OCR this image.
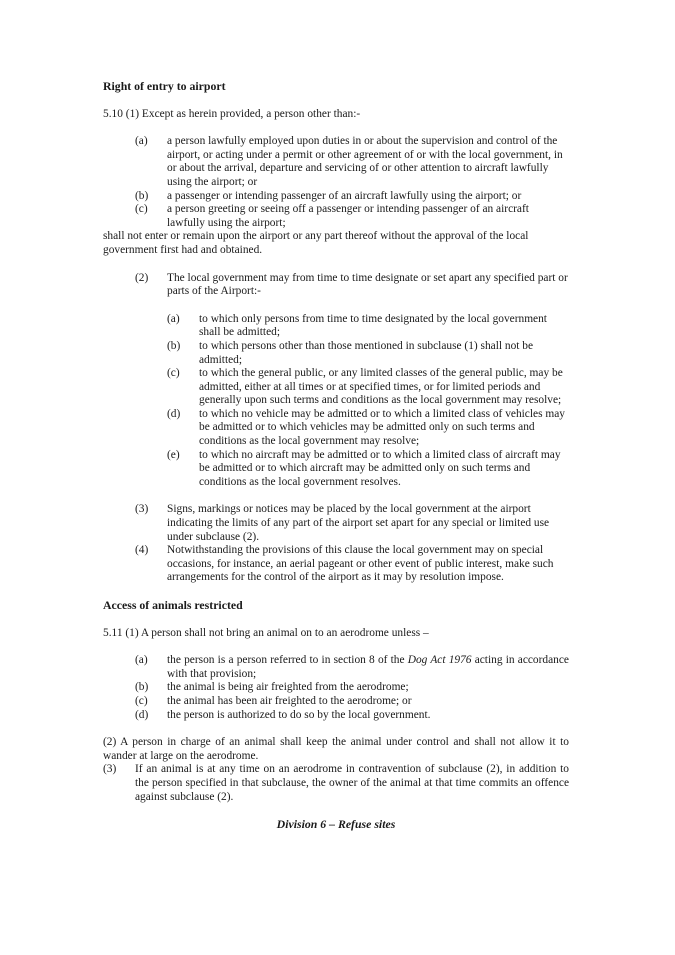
Right of entry to airport

5.10 (1) Except as herein provided, a person other than:-

(a)	a person lawfully employed upon duties in or about the supervision and control of the airport, or acting under a permit or other agreement of or with the local government, in or about the arrival, departure and servicing of or other attention to aircraft lawfully using the airport; or
(b)	a passenger or intending passenger of an aircraft lawfully using the airport; or
(c)	a person greeting or seeing off a passenger or intending passenger of an aircraft lawfully using the airport;

shall not enter or remain upon the airport or any part thereof without the approval of the local government first had and obtained.

(2)	The local government may from time to time designate or set apart any specified part or parts of the Airport:-
(a)	to which only persons from time to time designated by the local government shall be admitted;
(b)	to which persons other than those mentioned in subclause (1) shall not be admitted;
(c)	to which the general public, or any limited classes of the general public, may be admitted, either at all times or at specified times, or for limited periods and generally upon such terms and conditions as the local government may resolve;
(d)	to which no vehicle may be admitted or to which a limited class of vehicles may be admitted or to which vehicles may be admitted only on such terms and conditions as the local government may resolve;
(e)	to which no aircraft may be admitted or to which a limited class of aircraft may be admitted or to which aircraft may be admitted only on such terms and conditions as the local government resolves.
(3)	Signs, markings or notices may be placed by the local government at the airport indicating the limits of any part of the airport set apart for any special or limited use under subclause (2).
(4)	Notwithstanding the provisions of this clause the local government may on special occasions, for instance, an aerial pageant or other event of public interest, make such arrangements for the control of the airport as it may by resolution impose.

Access of animals restricted

5.11 (1) A person shall not bring an animal on to an aerodrome unless –

(a)	the person is a person referred to in section 8 of the Dog Act 1976 acting in accordance with that provision;
(b)	the animal is being air freighted from the aerodrome;
(c)	the animal has been air freighted to the aerodrome; or
(d)	the person is authorized to do so by the local government.

(2) A person in charge of an animal shall keep the animal under control and shall not allow it to wander at large on the aerodrome.

(3)	If an animal is at any time on an aerodrome in contravention of subclause (2), in addition to the person specified in that subclause, the owner of the animal at that time commits an offence against subclause (2).

Division 6 – Refuse sites
